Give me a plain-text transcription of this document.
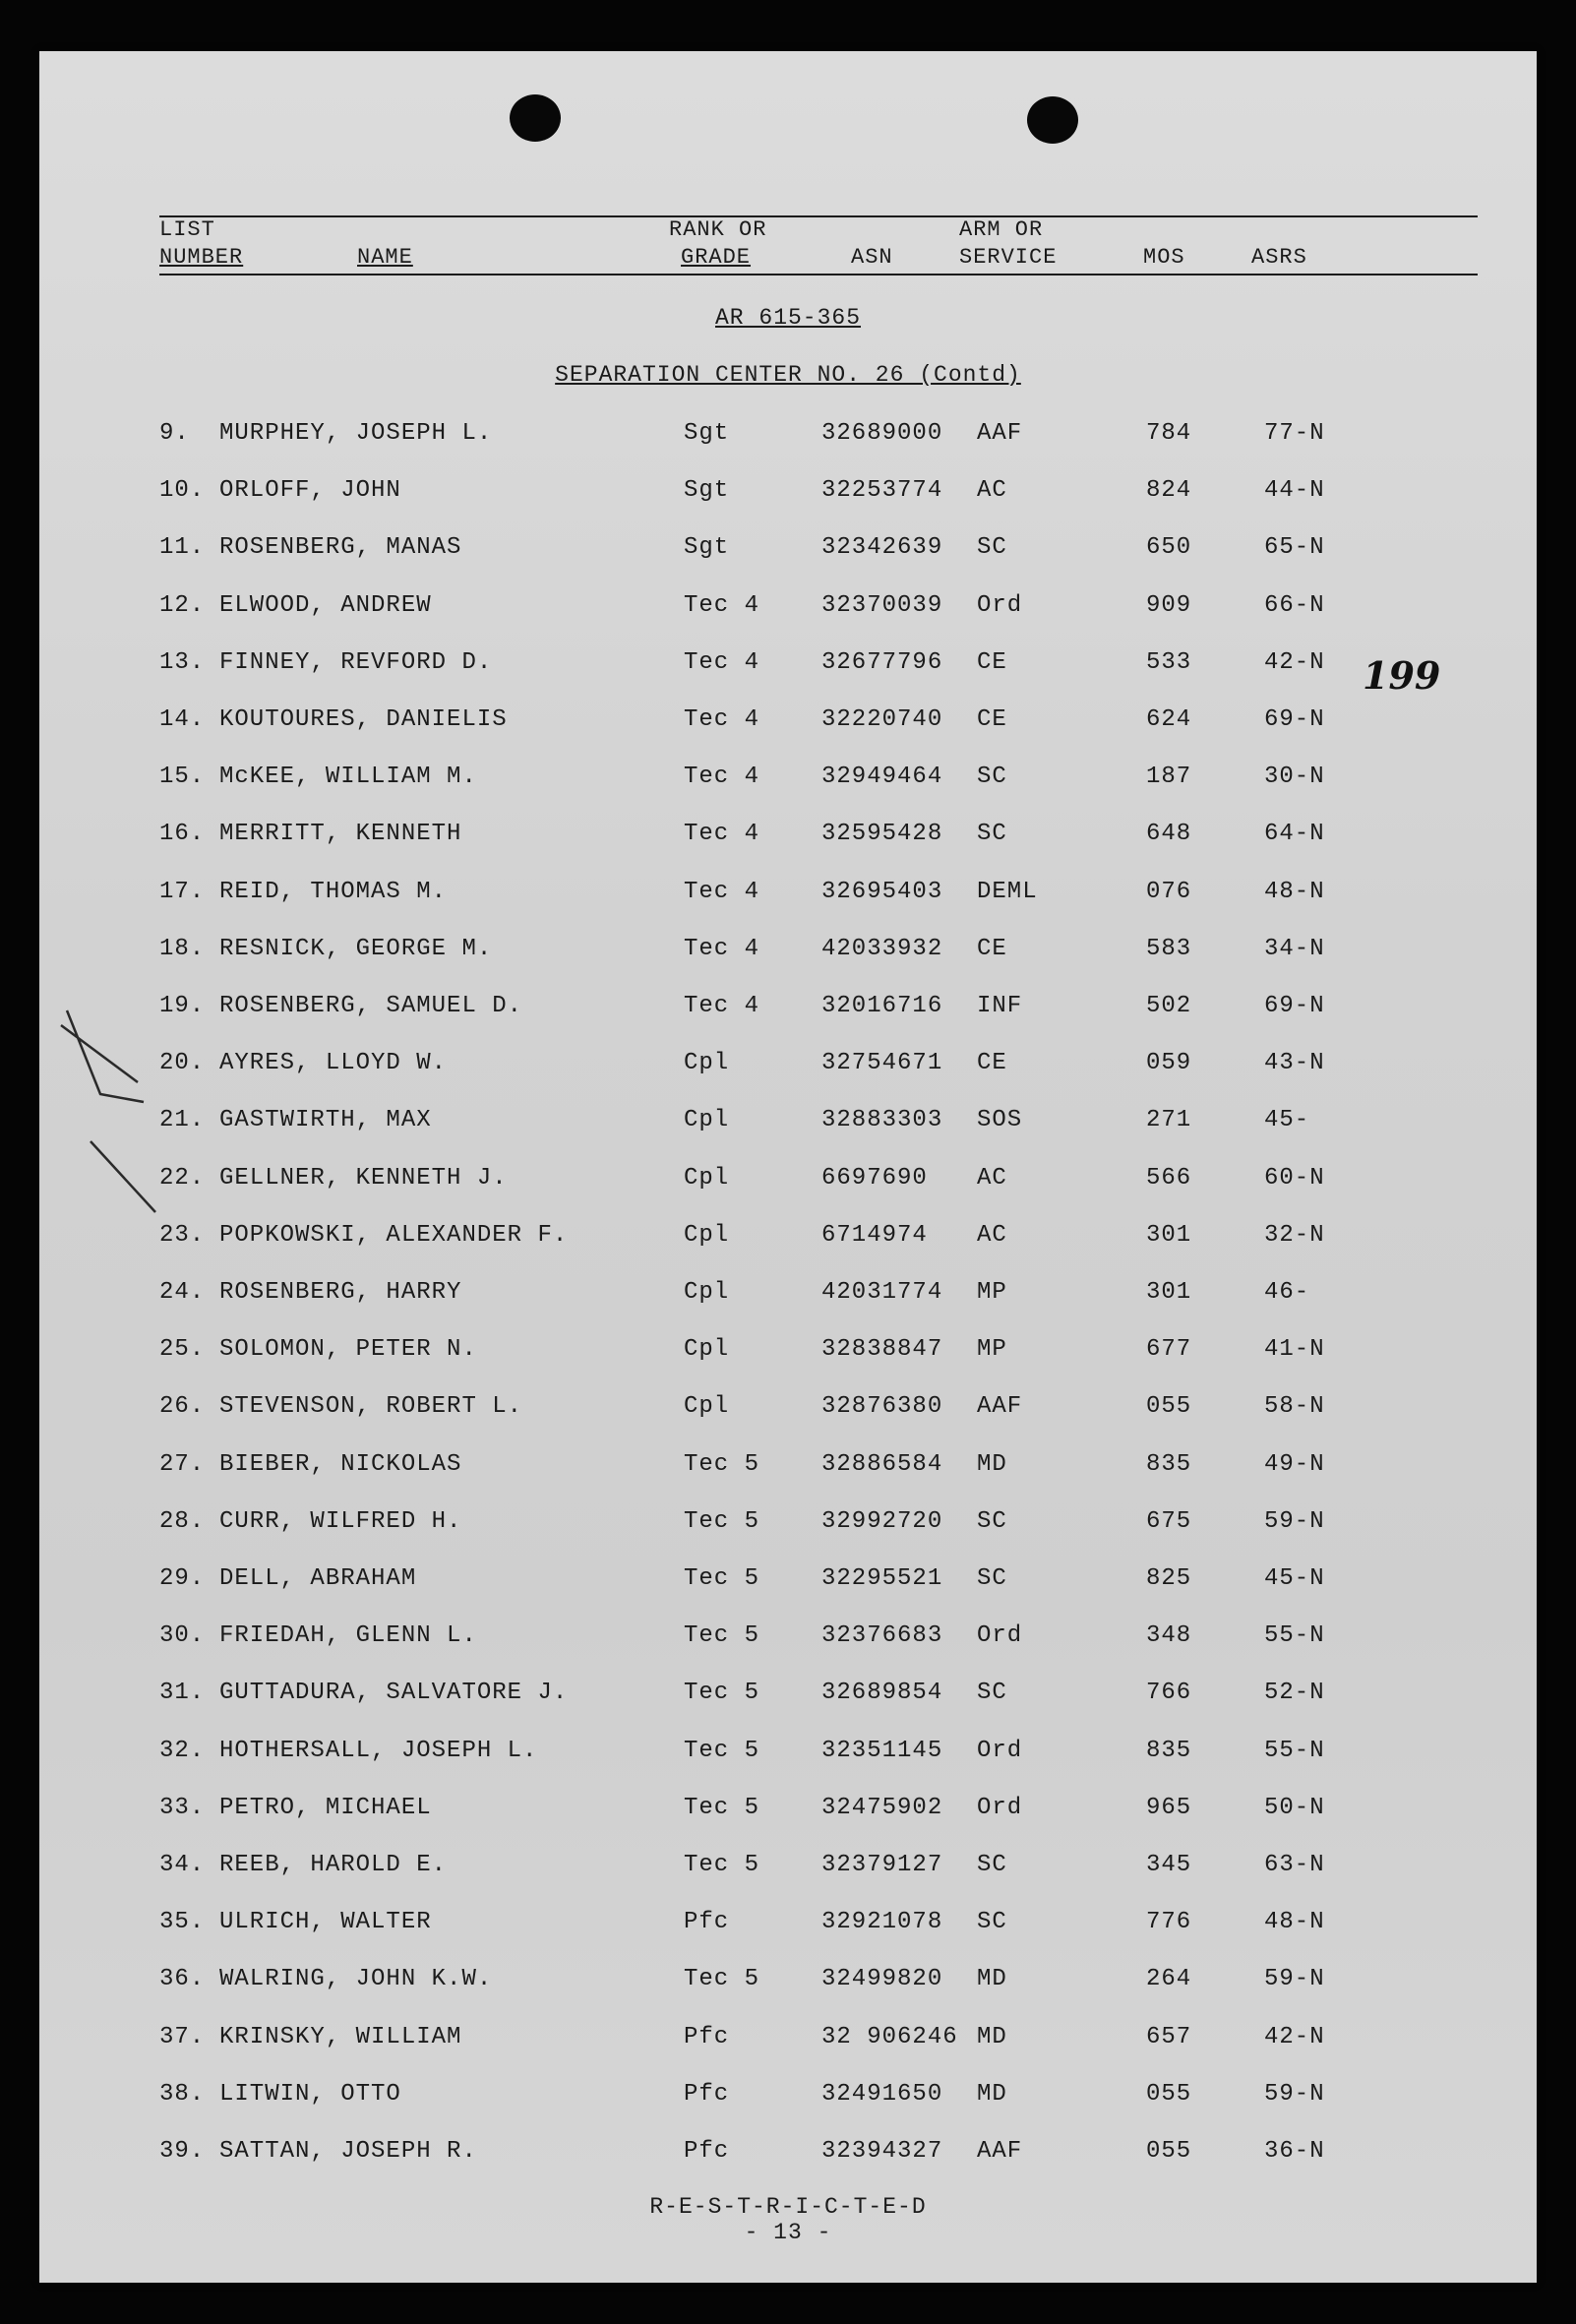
LIST
NUMBER	NAME
RANK OR
GRADE	ASN
ARM OR
SERVICE	MOS	ASRS
AR 615-365
SEPARATION CENTER NO. 26 (Contd)
199
9. MURPHEY, JOSEPH L.	Sgt	32689000 AAF	784	77-N
10. ORLOFF, JOHN	Sgt	32253774 AC	824	44-N
11. ROSENBERG, MANAS	Sgt	32342639 SC	650	65-N
12. ELWOOD, ANDREW	Tec 4	32370039 Ord	909	66-N
13. FINNEY, REVFORD D.	Tec 4	32677796 CE	533	42-N
14. KOUTOURES, DANIELIS	Tec 4	32220740 CE	624	69-N
15. McKEE, WILLIAM M.	Tec 4	32949464 SC	187	30-N
16. MERRITT, KENNETH	Tec 4	32595428 SC	648	64-N
17. REID, THOMAS M.	Tec 4	32695403 DEML	076	48-N
18. RESNICK, GEORGE M.	Tec 4	42033932 CE	583	34-N
19. ROSENBERG, SAMUEL D.	Tec 4	32016716 INF	502	69-N
20. AYRES, LLOYD W.	Cpl	32754671 CE	059	43-N
21. GASTWIRTH, MAX	Cpl	32883303 SOS	271	45-
22. GELLNER, KENNETH J.	Cpl	6697690 AC	566	60-N
23. POPKOWSKI, ALEXANDER F.	Cpl	6714974 AC	301	32-N
24. ROSENBERG, HARRY	Cpl	42031774 MP	301	46-
25. SOLOMON, PETER N.	Cpl	32838847 MP	677	41-N
26. STEVENSON, ROBERT L.	Cpl	32876380 AAF	055	58-N
27. BIEBER, NICKOLAS	Tec 5	32886584 MD	835	49-N
28. CURR, WILFRED H.	Tec 5	32992720 SC	675	59-N
29. DELL, ABRAHAM	Tec 5	32295521 SC	825	45-N
30. FRIEDAH, GLENN L.	Tec 5	32376683 Ord	348	55-N
31. GUTTADURA, SALVATORE J.	Tec 5	32689854 SC	766	52-N
32. HOTHERSALL, JOSEPH L.	Tec 5	32351145 Ord	835	55-N
33. PETRO, MICHAEL	Tec 5	32475902 Ord	965	50-N
34. REEB, HAROLD E.	Tec 5	32379127 SC	345	63-N
35. ULRICH, WALTER	Pfc	32921078 SC	776	48-N
36. WALRING, JOHN K.W.	Tec 5	32499820 MD	264	59-N
37. KRINSKY, WILLIAM	Pfc	32 906246 MD	657	42-N
38. LITWIN, OTTO	Pfc	32491650 MD	055	59-N
39. SATTAN, JOSEPH R.	Pfc	32394327 AAF	055	36-N
R-E-S-T-R-I-C-T-E-D
- 13 -
